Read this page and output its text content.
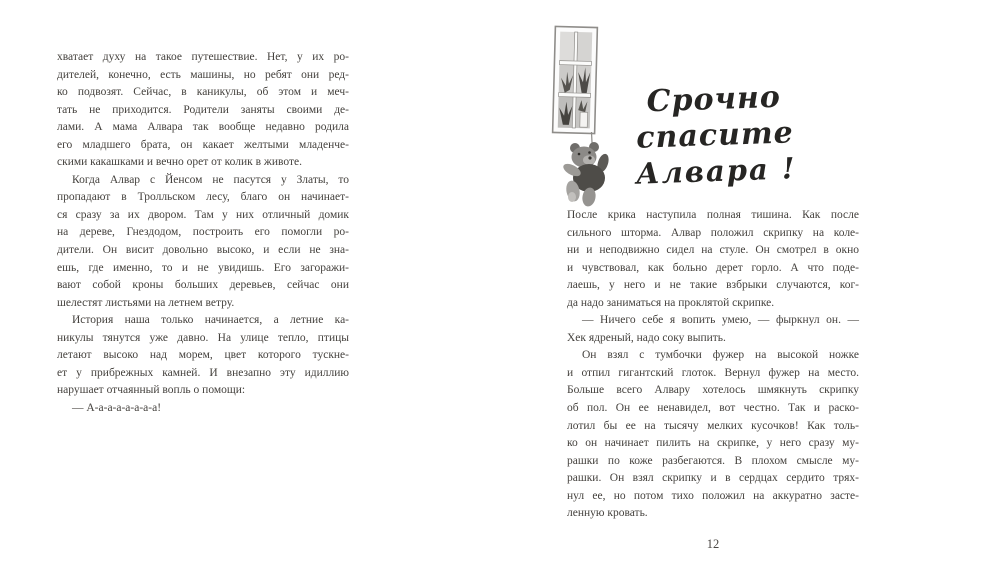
хватает духу на такое путешествие. Нет, у их ро-
дителей, конечно, есть машины, но ребят они ред-
ко подвозят. Сейчас, в каникулы, об этом и меч-
тать не приходится. Родители заняты своими де-
лами. А мама Алвара так вообще недавно родила
его младшего брата, он какает желтыми младенче-
скими какашками и вечно орет от колик в животе.
Когда Алвар с Йенсом не пасутся у Златы, то
пропадают в Тролльском лесу, благо он начинает-
ся сразу за их двором. Там у них отличный домик
на дереве, Гнездодом, построить его помогли ро-
дители. Он висит довольно высоко, и если не зна-
ешь, где именно, то и не увидишь. Его загоражи-
вают собой кроны больших деревьев, сейчас они
шелестят листьями на летнем ветру.
История наша только начинается, а летние ка-
никулы тянутся уже давно. На улице тепло, птицы
летают высоко над морем, цвет которого тускне-
ет у прибрежных камней. И внезапно эту идиллию
нарушает отчаянный вопль о помощи:
— А-а-а-а-а-а-а-а!
Срочно спасите
Алвара !
После крика наступила полная тишина. Как после
сильного шторма. Алвар положил скрипку на коле-
ни и неподвижно сидел на стуле. Он смотрел в окно
и чувствовал, как больно дерет горло. А что поде-
лаешь, у него и не такие взбрыки случаются, ког-
да надо заниматься на проклятой скрипке.
— Ничего себе я вопить умею, — фыркнул он. —
Хек ядреный, надо соку выпить.
Он взял с тумбочки фужер на высокой ножке
и отпил гигантский глоток. Вернул фужер на место.
Больше всего Алвару хотелось шмякнуть скрипку
об пол. Он ее ненавидел, вот честно. Так и раско-
лотил бы ее на тысячу мелких кусочков! Как толь-
ко он начинает пилить на скрипке, у него сразу му-
рашки по коже разбегаются. В плохом смысле му-
рашки. Он взял скрипку и в сердцах сердито трях-
нул ее, но потом тихо положил на аккуратно засте-
ленную кровать.
12
